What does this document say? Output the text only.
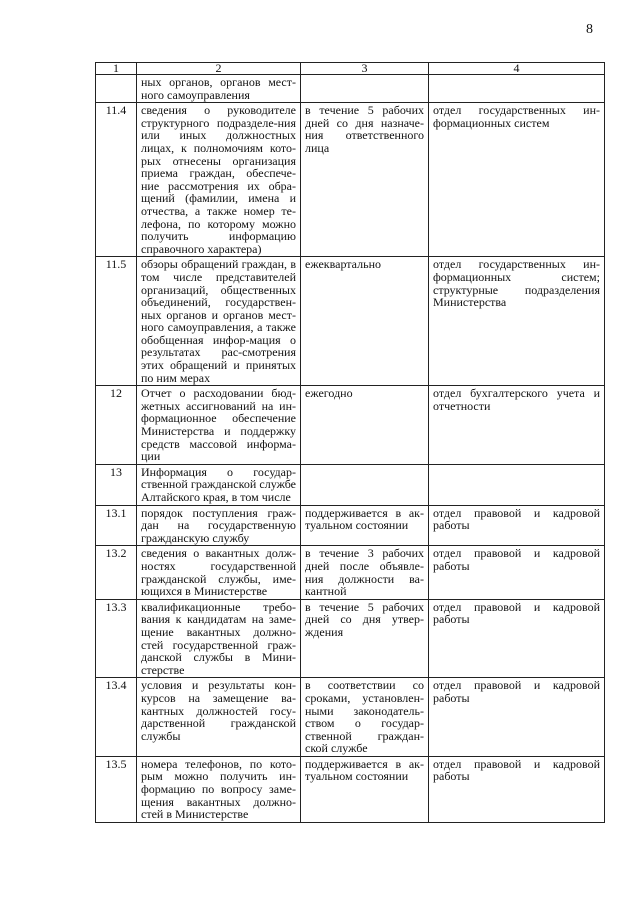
8
1	2	3	4
	ных органов, органов мест-ного самоуправления		
11.4	сведения о руководителе структурного подразделе-ния или иных должностных лицах, к полномочиям кото-рых отнесены организация приема граждан, обеспече-ние рассмотрения их обра-щений (фамилии, имена и отчества, а также номер те-лефона, по которому можно получить информацию справочного характера)	в течение 5 рабочих дней со дня назначе-ния ответственного лица	отдел государственных ин-формационных систем
11.5	обзоры обращений граждан, в том числе представителей организаций, общественных объединений, государствен-ных органов и органов мест-ного самоуправления, а также обобщенная инфор-мация о результатах рас-смотрения этих обращений и принятых по ним мерах	ежеквартально	отдел государственных ин-формационных систем; структурные подразделения Министерства
12	Отчет о расходовании бюд-жетных ассигнований на ин-формационное обеспечение Министерства и поддержку средств массовой информа-ции	ежегодно	отдел бухгалтерского учета и отчетности
13	Информация о государ-ственной гражданской службе Алтайского края, в том числе		
13.1	порядок поступления граж-дан на государственную гражданскую службу	поддерживается в ак-туальном состоянии	отдел правовой и кадровой работы
13.2	сведения о вакантных долж-ностях государственной гражданской службы, име-ющихся в Министерстве	в течение 3 рабочих дней после объявле-ния должности ва-кантной	отдел правовой и кадровой работы
13.3	квалификационные требо-вания к кандидатам на заме-щение вакантных должно-стей государственной граж-данской службы в Мини-стерстве	в течение 5 рабочих дней со дня утвер-ждения	отдел правовой и кадровой работы
13.4	условия и результаты кон-курсов на замещение ва-кантных должностей госу-дарственной гражданской службы	в соответствии со сроками, установлен-ными законодатель-ством о государ-ственной граждан-ской службе	отдел правовой и кадровой работы
13.5	номера телефонов, по кото-рым можно получить ин-формацию по вопросу заме-щения вакантных должно-стей в Министерстве	поддерживается в ак-туальном состоянии	отдел правовой и кадровой работы
